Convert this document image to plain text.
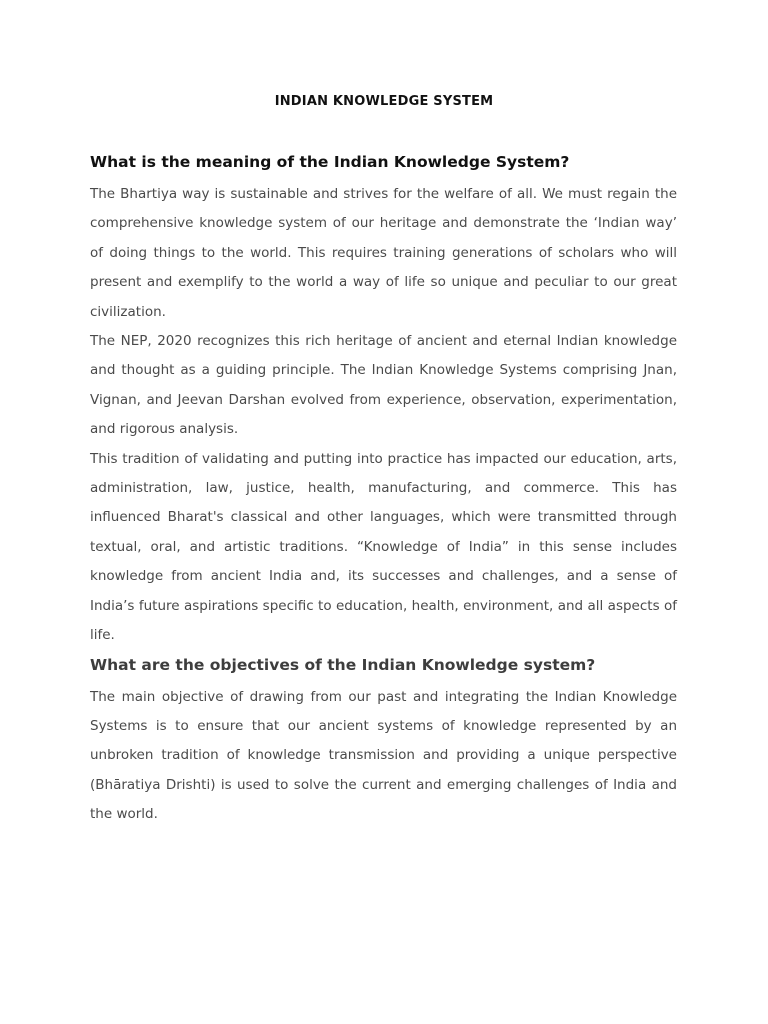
INDIAN KNOWLEDGE SYSTEM
What is the meaning of the Indian Knowledge System?

The Bhartiya way is sustainable and strives for the welfare of all. We must regain the comprehensive knowledge system of our heritage and demonstrate the ‘Indian way’ of doing things to the world. This requires training generations of scholars who will present and exemplify to the world a way of life so unique and peculiar to our great civilization.

The NEP, 2020 recognizes this rich heritage of ancient and eternal Indian knowledge and thought as a guiding principle. The Indian Knowledge Systems comprising Jnan, Vignan, and Jeevan Darshan evolved from experience, observation, experimentation, and rigorous analysis.

This tradition of validating and putting into practice has impacted our education, arts, administration, law, justice, health, manufacturing, and commerce. This has influenced Bharat's classical and other languages, which were transmitted through textual, oral, and artistic traditions. “Knowledge of India” in this sense includes knowledge from ancient India and, its successes and challenges, and a sense of India’s future aspirations specific to education, health, environment, and all aspects of life.

What are the objectives of the Indian Knowledge system?

The main objective of drawing from our past and integrating the Indian Knowledge Systems is to ensure that our ancient systems of knowledge represented by an unbroken tradition of knowledge transmission and providing a unique perspective (Bhāratiya Drishti) is used to solve the current and emerging challenges of India and the world.
